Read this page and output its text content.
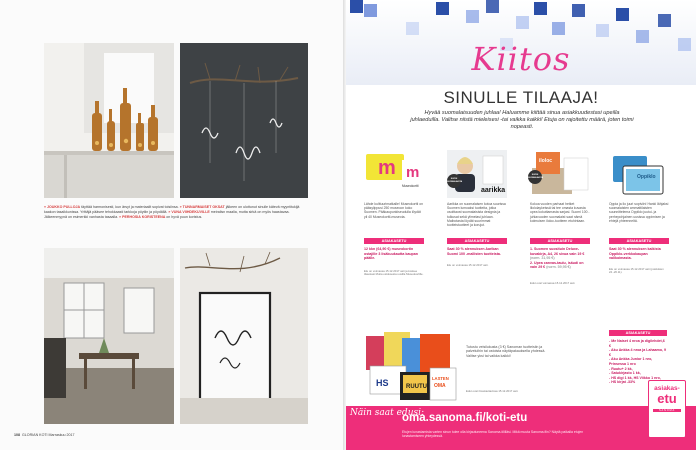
» JOUKKO PULLOJA täyttää harmonisesti, kun ärsyt ja materiaalit sopivat toisiinsa. » TUNNARMAISET OKSAT jälkeen on ulottunut sinulle kätevä myyntitukijä kaakon tasaikkunissa. Yrittäjä pääsee tehokkaasti tarkkoja pöytiin ja pöydällä. » VUNA VIIHDEKUVILLE meiralisn maalia, mutta sirkä on myös haastavaa. Jälkeenmyynä on esimerkki vanhasta tasaalla. » PERHOSIA KORISTEENA on hyvä puun koristus.
108 GLORIAN KOTI Marraskuu 2017
Kiitos
SINULLE TILAAJA!
Hyvää suomalaisuuden juhlaa! Haluamme kiittää sinua asiakkuudestasi upeilla juhlaeduilla. Valitse niistä mieleisesi -tai vaikka kaikki! Etuja on rajoitettu määrä, joten toimi nopeasti.
m m
Museokortti
Lähde kulttuurimatkalle! Museokortti on pääsylippusi 250 museoon koko Suomen. Pääkaupunkiseudulla löydät yli 40 Museokortti-museota.
ASIAKASETU
12 kkn (64,90 €) museokortin ostajille 3 lisäkuukautta kaupan päälle.
Etu on voimassa 15.12.2017 asti ja koskee tilaustasi Muita ostoksesta uusilla Museokortille.
aarikka
SUOSI SUOMALAISTA
Aarikka on suomalaisen kotoa suurissa Suomen lumoaksi tuotteita, jotka osoittavat suomalaisista designia ja tulkusat sekä ylimelasi juhlaan. Maibotasta löydät suurimmat tuotteistuotteet ja korujut.
ASIAKASETU
Saat 30 % alennuksen Aarikan Suomi 100 -mallisten tuotteista.
Etu on voimassa 15.12.2017 asti.
iloloc
SUOSI SUOMALAISTA
Kokoa vuoden parhaat hetket lilololaykeissä tai tee omasta kuvasta upea kokuttamasta sarjasi. Suomi 100 -juhlavuoden suomalaist saat nämä kolmuisen iloloc-tuotteen etuhintaan.
ASIAKASETU
1. Suomen suosituin Deluxe-kuvakirja, A4, 26 sivua vain 19 € (norm. 31,95 €)
2. Upea canvas-taulu, isäudi on vain 29 € (norm. 59,95 €)
Edut ovat voimassa 15.12.2017 asti.
Oppiklo
Oppia ja ilo juuri sopiviin! Hanki lähjaksi suomalaisten ammattilaisten suunnittelema Oppiklo juutui- ja perhepohjainen uusissa oppimisen ja ehtejä yhteenneltä.
ASIAKASETU
Saat 30 % alennuksen kaikista Oppiklo-verkkokaupan valikoimasta.
Etu on voimassa 15.12.2017 asti (poislukien 24.-26.11).
HS	RUUTU
LASTEN
OMA
Tutustu veisilukusta (3 €) Sanoman tuotteisiin ja palveluihin tai ostoista näytäpakauksella yhdessä. Valitse yksi tai vaikka kaikki!
Edut ovat ilmaistettavissa 15.12.2017 asti.
ASIAKASETU
- Me Naiset 4 nroa ja digilehdet,6 €
- Aku Ankka 4 nroa ja Lahaamo, 9 €
- Aku Ankka Junior 1 nro, Prinsessa 1 nro
- Ruutu+ 2 kk,
- Satukirjasto 1 kk,
- HS digi 1 kk, HS Viikko 1 nro,
- HS kirjat -33%
Näin saat edusi:
oma.sanoma.fi/koti-etu
Etujen lunastamista varten sinun tulee olla kirjautuneena Sanoma-tililläsi. Mikä muuta Sanoma.fiin? Näytä paikalla etujen lunastamiseen yhteydessä.
asiakas-
etu
SANOMA
